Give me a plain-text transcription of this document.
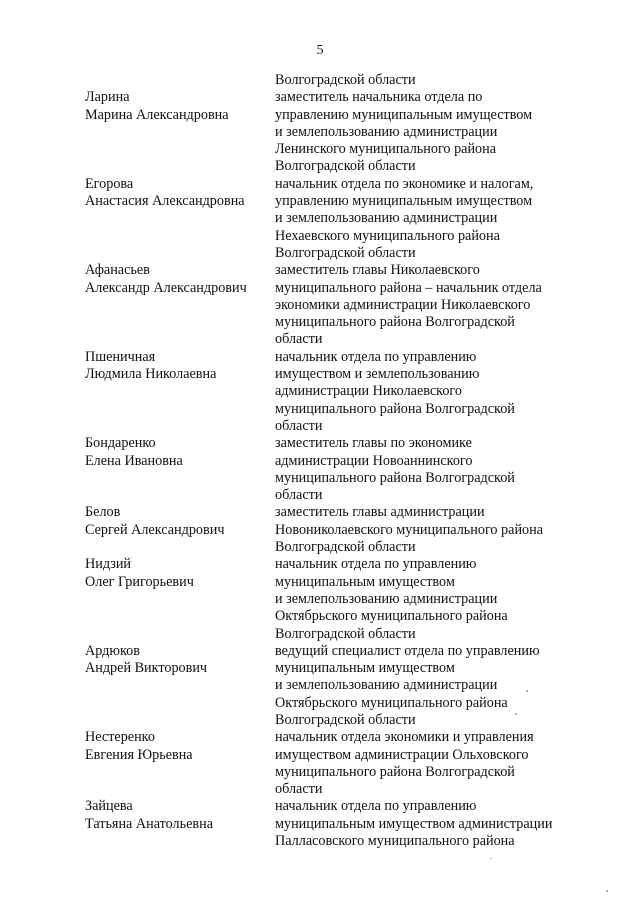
5
Волгоградской области
Ларина
Марина Александровна
заместитель начальника отдела по
управлению муниципальным имуществом
и землепользованию администрации
Ленинского муниципального района
Волгоградской области
Егорова
Анастасия Александровна
начальник отдела по экономике и налогам,
управлению муниципальным имуществом
и землепользованию администрации
Нехаевского муниципального района
Волгоградской области
Афанасьев
Александр Александрович
заместитель главы Николаевского
муниципального района – начальник отдела
экономики администрации Николаевского
муниципального района Волгоградской
области
Пшеничная
Людмила Николаевна
начальник отдела по управлению
имуществом и землепользованию
администрации Николаевского
муниципального района Волгоградской
области
Бондаренко
Елена Ивановна
заместитель главы по экономике
администрации Новоаннинского
муниципального района Волгоградской
области
Белов
Сергей Александрович
заместитель главы администрации
Новониколаевского муниципального района
Волгоградской области
Нидзий
Олег Григорьевич
начальник отдела по управлению
муниципальным имуществом
и землепользованию администрации
Октябрьского муниципального района
Волгоградской области
Ардюков
Андрей Викторович
ведущий специалист отдела по управлению
муниципальным имуществом
и землепользованию администрации
Октябрьского муниципального района
Волгоградской области
Нестеренко
Евгения Юрьевна
начальник отдела экономики и управления
имуществом администрации Ольховского
муниципального района Волгоградской
области
Зайцева
Татьяна Анатольевна
начальник отдела по управлению
муниципальным имуществом администрации
Палласовского муниципального района
